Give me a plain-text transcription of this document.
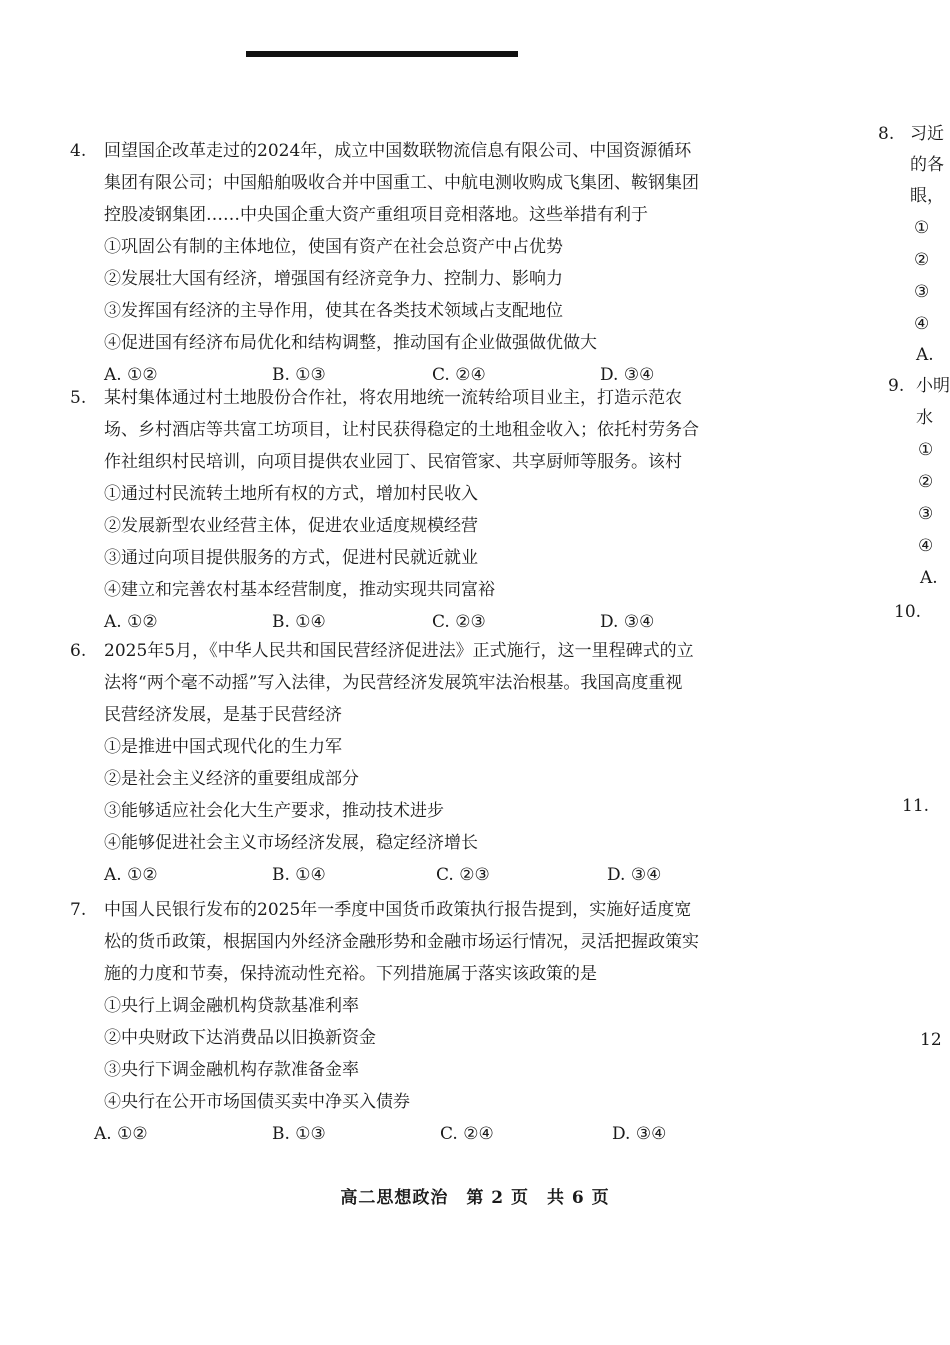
4.	回望国企改革走过的2024年，成立中国数联物流信息有限公司、中国资源循环
集团有限公司；中国船舶吸收合并中国重工、中航电测收购成飞集团、鞍钢集团
控股凌钢集团……中央国企重大资产重组项目竞相落地。这些举措有利于
①巩固公有制的主体地位，使国有资产在社会总资产中占优势
②发展壮大国有经济，增强国有经济竞争力、控制力、影响力
③发挥国有经济的主导作用，使其在各类技术领域占支配地位
④促进国有经济布局优化和结构调整，推动国有企业做强做优做大
A. ①②	B. ①③	C. ②④	D. ③④
5.	某村集体通过村土地股份合作社，将农用地统一流转给项目业主，打造示范农
场、乡村酒店等共富工坊项目，让村民获得稳定的土地租金收入；依托村劳务合
作社组织村民培训，向项目提供农业园丁、民宿管家、共享厨师等服务。该村
①通过村民流转土地所有权的方式，增加村民收入
②发展新型农业经营主体，促进农业适度规模经营
③通过向项目提供服务的方式，促进村民就近就业
④建立和完善农村基本经营制度，推动实现共同富裕
A. ①②	B. ①④	C. ②③	D. ③④
6.	2025年5月，《中华人民共和国民营经济促进法》正式施行，这一里程碑式的立
法将“两个毫不动摇”写入法律，为民营经济发展筑牢法治根基。我国高度重视
民营经济发展，是基于民营经济
①是推进中国式现代化的生力军
②是社会主义经济的重要组成部分
③能够适应社会化大生产要求，推动技术进步
④能够促进社会主义市场经济发展，稳定经济增长
A. ①②	B. ①④	C. ②③	D. ③④
7.	中国人民银行发布的2025年一季度中国货币政策执行报告提到，实施好适度宽
松的货币政策，根据国内外经济金融形势和金融市场运行情况，灵活把握政策实
施的力度和节奏，保持流动性充裕。下列措施属于落实该政策的是
①央行上调金融机构贷款基准利率
②中央财政下达消费品以旧换新资金
③央行下调金融机构存款准备金率
④央行在公开市场国债买卖中净买入债券
A. ①②	B. ①③	C. ②④	D. ③④
高二思想政治　第 2 页　共 6 页
8. 习近
的各
眼，
①
②
③
④
A.
9. 小明
水
①
②
③
④
A.
10.
11.
12
